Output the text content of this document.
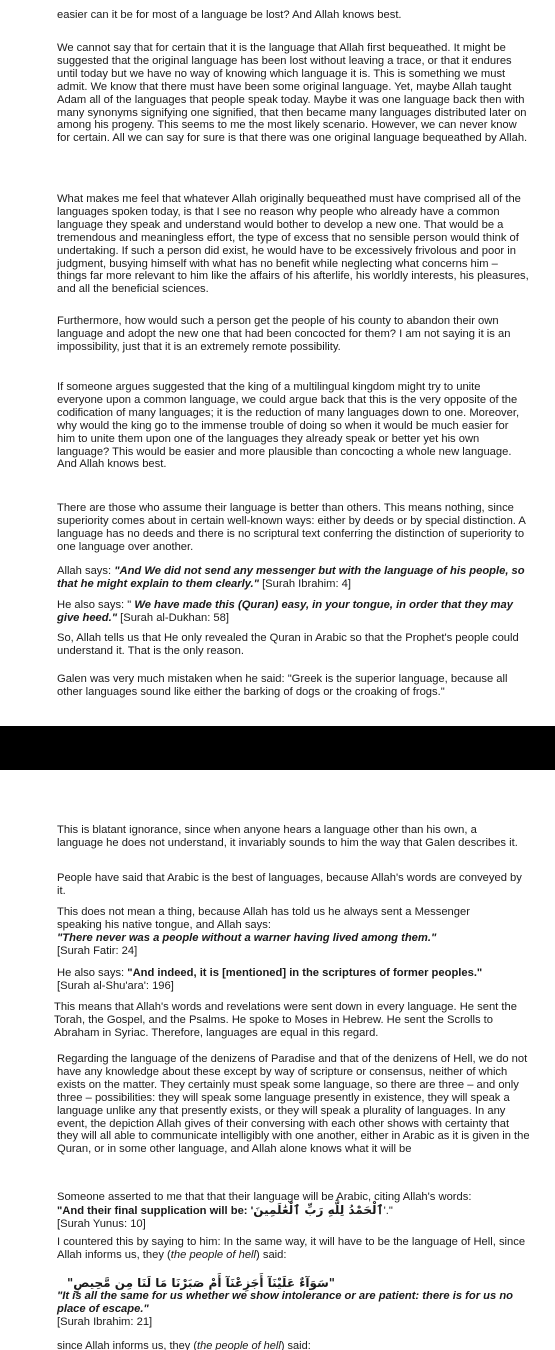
easier can it be for most of a language be lost? And Allah knows best.

We cannot say that for certain that it is the language that Allah first bequeathed. It might be suggested that the original language has been lost without leaving a trace, or that it endures until today but we have no way of knowing which language it is. This is something we must admit. We know that there must have been some original language. Yet, maybe Allah taught Adam all of the languages that people speak today. Maybe it was one language back then with many synonyms signifying one signified, that then became many languages distributed later on among his progeny. This seems to me the most likely scenario. However, we can never know for certain. All we can say for sure is that there was one original language bequeathed by Allah.

What makes me feel that whatever Allah originally bequeathed must have comprised all of the languages spoken today, is that I see no reason why people who already have a common language they speak and understand would bother to develop a new one. That would be a tremendous and meaningless effort, the type of excess that no sensible person would think of undertaking. If such a person did exist, he would have to be excessively frivolous and poor in judgment, busying himself with what has no benefit while neglecting what concerns him – things far more relevant to him like the affairs of his afterlife, his worldly interests, his pleasures, and all the beneficial sciences.

Furthermore, how would such a person get the people of his county to abandon their own language and adopt the new one that had been concocted for them? I am not saying it is an impossibility, just that it is an extremely remote possibility.

If someone argues suggested that the king of a multilingual kingdom might try to unite everyone upon a common language, we could argue back that this is the very opposite of the codification of many languages; it is the reduction of many languages down to one. Moreover, why would the king go to the immense trouble of doing so when it would be much easier for him to unite them upon one of the languages they already speak or better yet his own language? This would be easier and more plausible than concocting a whole new language. And Allah knows best.

There are those who assume their language is better than others. This means nothing, since superiority comes about in certain well-known ways: either by deeds or by special distinction. A language has no deeds and there is no scriptural text conferring the distinction of superiority to one language over another.

Allah says: "And We did not send any messenger but with the language of his people, so that he might explain to them clearly." [Surah Ibrahim: 4]

He also says: " We have made this (Quran) easy, in your tongue, in order that they may give heed." [Surah al-Dukhan: 58]

So, Allah tells us that He only revealed the Quran in Arabic so that the Prophet's people could understand it. That is the only reason.

Galen was very much mistaken when he said: "Greek is the superior language, because all other languages sound like either the barking of dogs or the croaking of frogs."

This is blatant ignorance, since when anyone hears a language other than his own, a language he does not understand, it invariably sounds to him the way that Galen describes it.

People have said that Arabic is the best of languages, because Allah's words are conveyed by it.

This does not mean a thing, because Allah has told us he always sent a Messenger speaking his native tongue, and Allah says:
"There never was a people without a warner having lived among them."
[Surah Fatir: 24]

He also says: "And indeed, it is [mentioned] in the scriptures of former peoples."
[Surah al-Shu'ara': 196]

This means that Allah's words and revelations were sent down in every language. He sent the Torah, the Gospel, and the Psalms. He spoke to Moses in Hebrew. He sent the Scrolls to Abraham in Syriac. Therefore, languages are equal in this regard.

Regarding the language of the denizens of Paradise and that of the denizens of Hell, we do not have any knowledge about these except by way of scripture or consensus, neither of which exists on the matter. They certainly must speak some language, so there are three – and only three – possibilities: they will speak some language presently in existence, they will speak a language unlike any that presently exists, or they will speak a plurality of languages. In any event, the depiction Allah gives of their conversing with each other shows with certainty that they will all able to communicate intelligibly with one another, either in Arabic as it is given in the Quran, or in some other language, and Allah alone knows what it will be

Someone asserted to me that that their language will be Arabic, citing Allah's words:
"And their final supplication will be: 'ٱلْحَمْدُ لِلَّهِ رَبِّ ٱلْعَٰلَمِينَ'."
[Surah Yunus: 10]

I countered this by saying to him: In the same way, it will have to be the language of Hell, since Allah informs us, they (the people of hell) said:

"سَوَآءٌ عَلَيْنَآ أَجَزِعْنَآ أَمْ صَبَرْنَا مَا لَنَا مِن مَّحِيصٍ"
"It is all the same for us whether we show intolerance or are patient: there is for us no place of escape."
[Surah Ibrahim: 21]

since Allah informs us, they (the people of hell) said:
